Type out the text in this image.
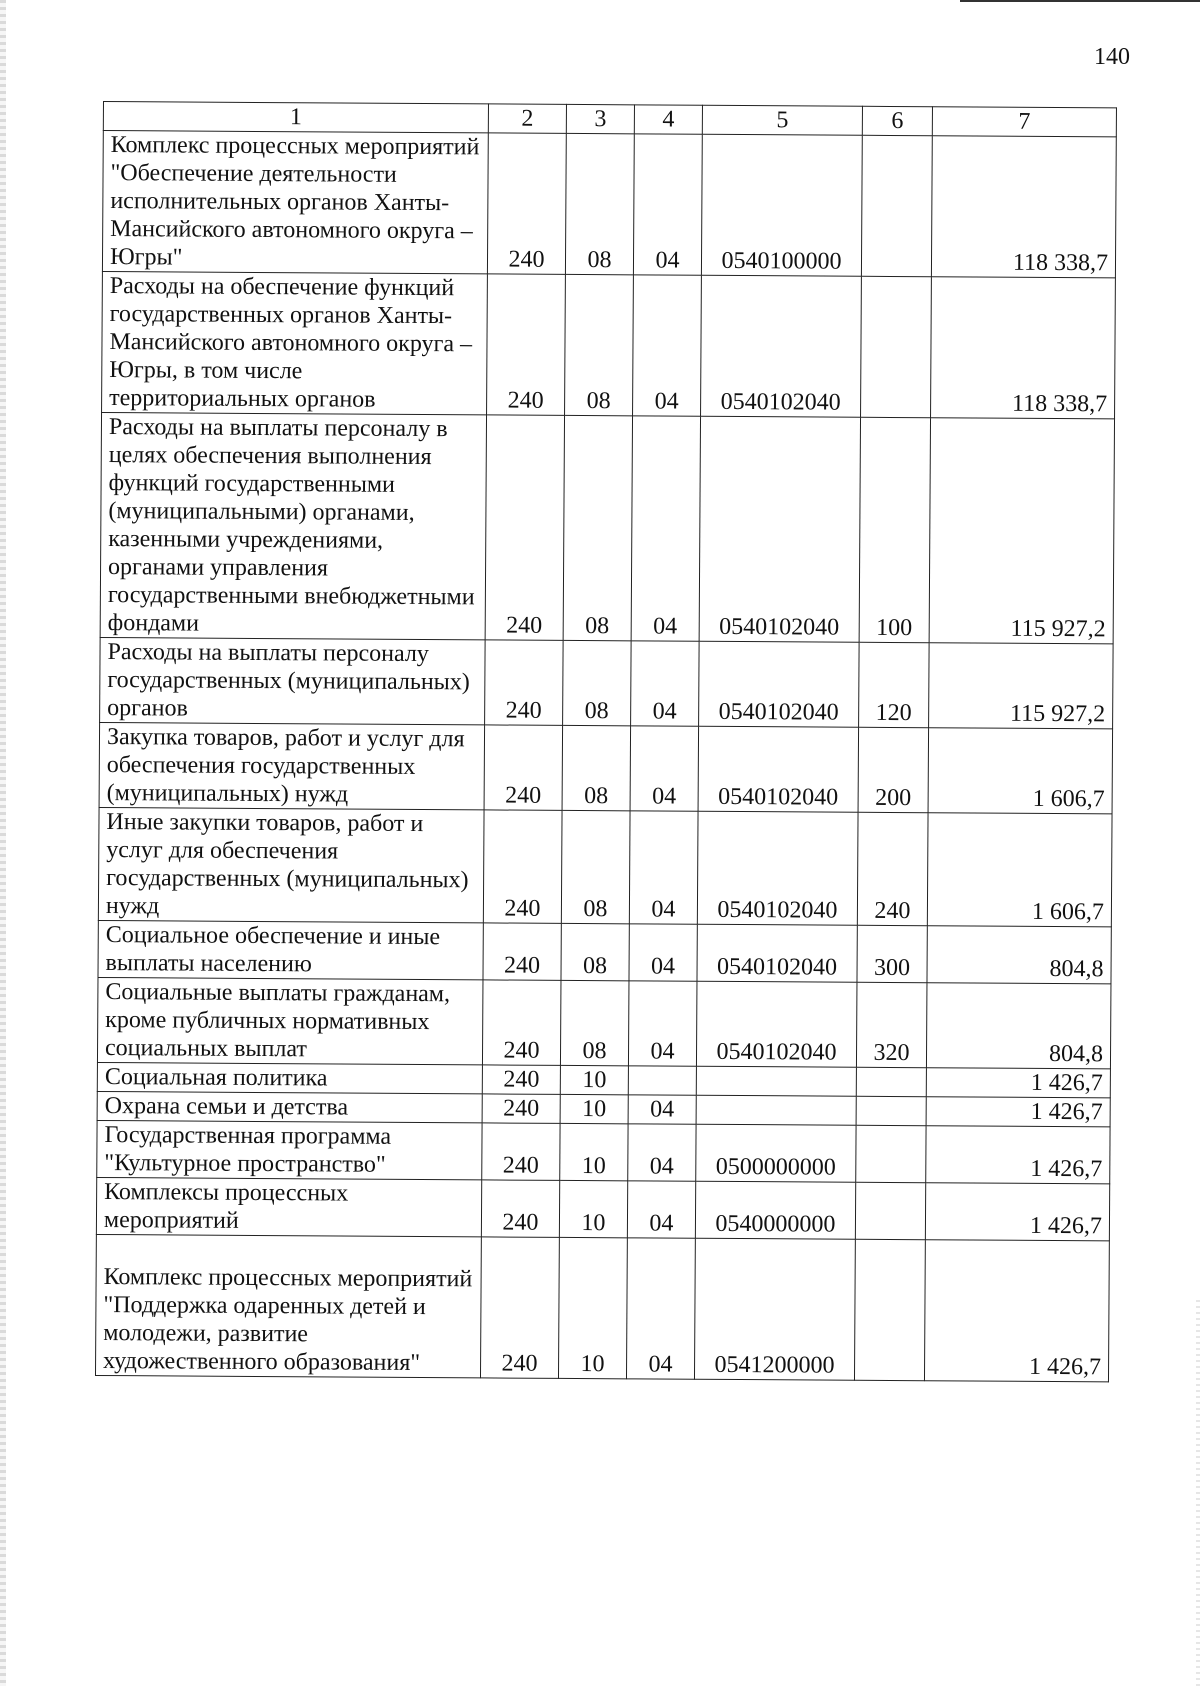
140
1	2	3	4	5	6	7
Комплекс процессных мероприятий "Обеспечение деятельности исполнительных органов Ханты-Мансийского автономного округа – Югры"	240	08	04	0540100000		118 338,7
Расходы на обеспечение функций государственных органов Ханты-Мансийского автономного округа – Югры, в том числе территориальных органов	240	08	04	0540102040		118 338,7
Расходы на выплаты персоналу в целях обеспечения выполнения функций государственными (муниципальными) органами, казенными учреждениями, органами управления государственными внебюджетными фондами	240	08	04	0540102040	100	115 927,2
Расходы на выплаты персоналу государственных (муниципальных) органов	240	08	04	0540102040	120	115 927,2
Закупка товаров, работ и услуг для обеспечения государственных (муниципальных) нужд	240	08	04	0540102040	200	1 606,7
Иные закупки товаров, работ и услуг для обеспечения государственных (муниципальных) нужд	240	08	04	0540102040	240	1 606,7
Социальное обеспечение и иные выплаты населению	240	08	04	0540102040	300	804,8
Социальные выплаты гражданам, кроме публичных нормативных социальных выплат	240	08	04	0540102040	320	804,8
Социальная политика	240	10				1 426,7
Охрана семьи и детства	240	10	04			1 426,7
Государственная программа "Культурное пространство"	240	10	04	0500000000		1 426,7
Комплексы процессных мероприятий	240	10	04	0540000000		1 426,7
Комплекс процессных мероприятий "Поддержка одаренных детей и молодежи, развитие художественного образования"	240	10	04	0541200000		1 426,7
